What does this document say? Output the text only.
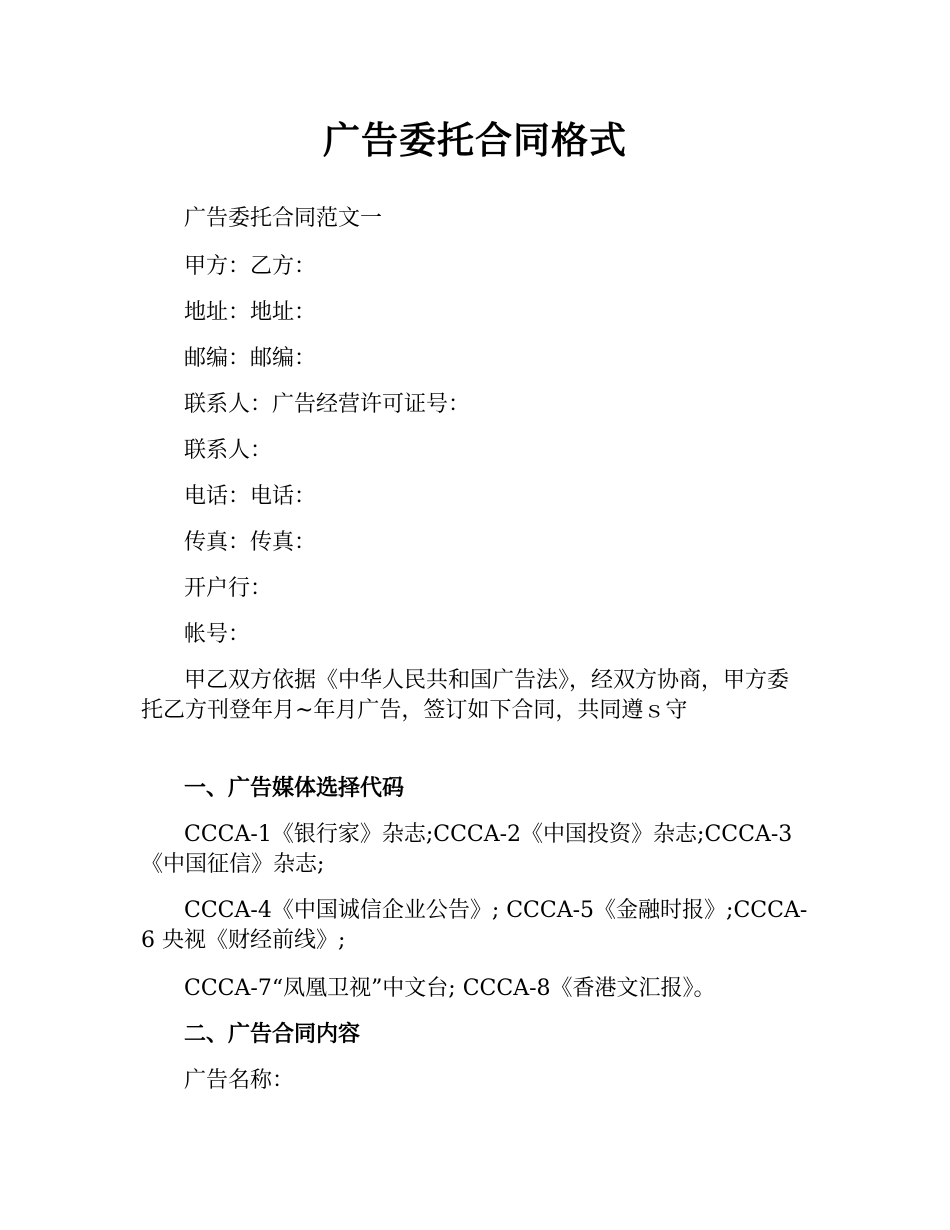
广告委托合同格式
广告委托合同范文一
甲方：乙方：
地址：地址：
邮编：邮编：
联系人：广告经营许可证号：
联系人：
电话：电话：
传真：传真：
开户行：
帐号：
甲乙双方依据《中华人民共和国广告法》，经双方协商，甲方委托乙方刊登年月~年月广告，签订如下合同，共同遵ｓ守
一、广告媒体选择代码
CCCA-1《银行家》杂志;CCCA-2《中国投资》杂志;CCCA-3《中国征信》杂志;
CCCA-4《中国诚信企业公告》; CCCA-5《金融时报》;CCCA-6 央视《财经前线》;
CCCA-7“凤凰卫视”中文台; CCCA-8《香港文汇报》。
二、广告合同内容
广告名称：
